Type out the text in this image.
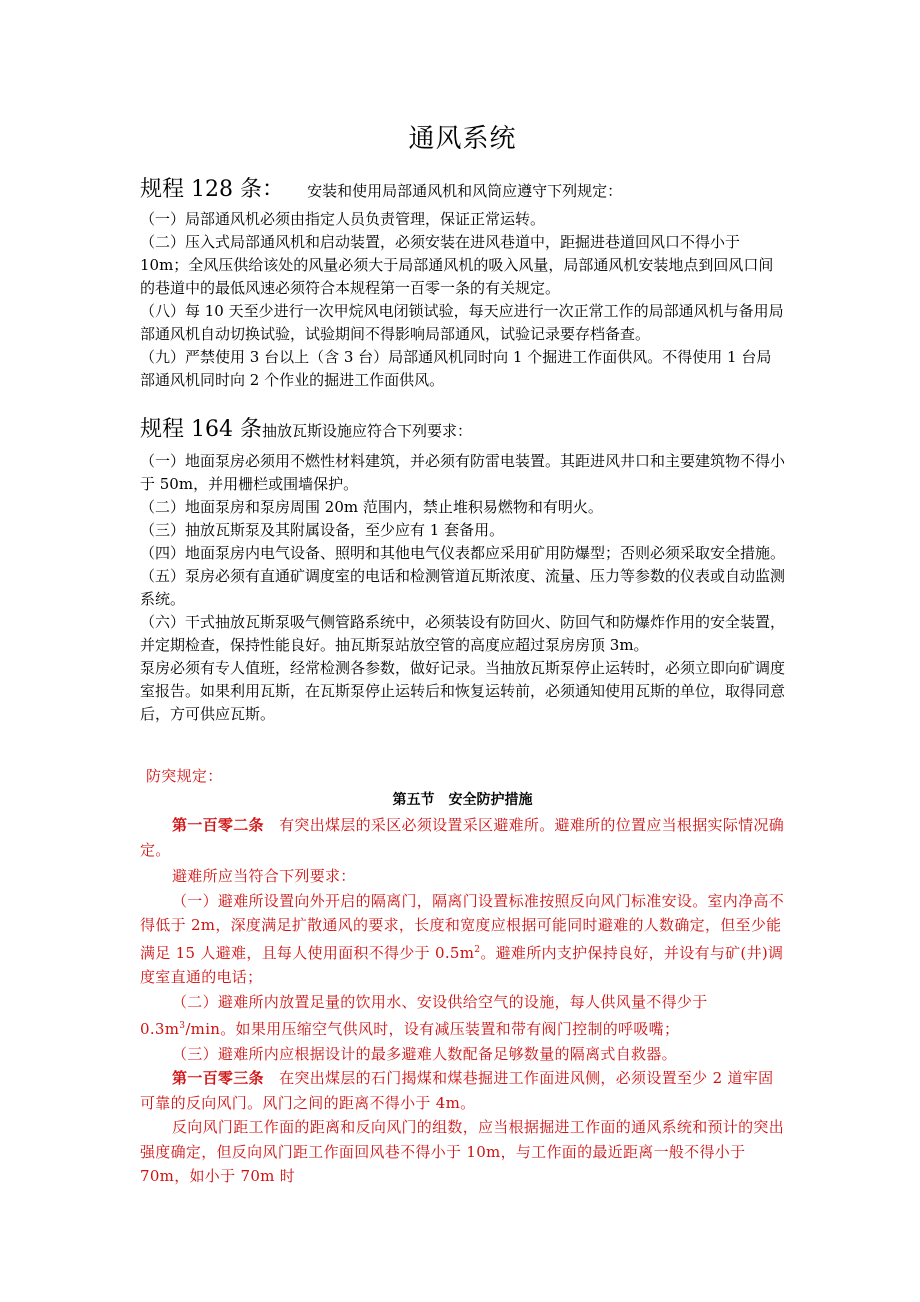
通风系统
规程 128 条： 安装和使用局部通风机和风筒应遵守下列规定：

（一）局部通风机必须由指定人员负责管理，保证正常运转。

（二）压入式局部通风机和启动装置，必须安装在进风巷道中，距掘进巷道回风口不得小于 10m；全风压供给该处的风量必须大于局部通风机的吸入风量，局部通风机安装地点到回风口间的巷道中的最低风速必须符合本规程第一百零一条的有关规定。

（八）每 10 天至少进行一次甲烷风电闭锁试验，每天应进行一次正常工作的局部通风机与备用局部通风机自动切换试验，试验期间不得影响局部通风，试验记录要存档备查。

（九）严禁使用 3 台以上（含 3 台）局部通风机同时向 1 个掘进工作面供风。不得使用 1 台局部通风机同时向 2 个作业的掘进工作面供风。

规程 164 条抽放瓦斯设施应符合下列要求：

（一）地面泵房必须用不燃性材料建筑，并必须有防雷电装置。其距进风井口和主要建筑物不得小于 50m，并用栅栏或围墙保护。

（二）地面泵房和泵房周围 20m 范围内，禁止堆积易燃物和有明火。

（三）抽放瓦斯泵及其附属设备，至少应有 1 套备用。

（四）地面泵房内电气设备、照明和其他电气仪表都应采用矿用防爆型；否则必须采取安全措施。

（五）泵房必须有直通矿调度室的电话和检测管道瓦斯浓度、流量、压力等参数的仪表或自动监测系统。

（六）干式抽放瓦斯泵吸气侧管路系统中，必须装设有防回火、防回气和防爆炸作用的安全装置，并定期检查，保持性能良好。抽瓦斯泵站放空管的高度应超过泵房房顶 3m。

泵房必须有专人值班，经常检测各参数，做好记录。当抽放瓦斯泵停止运转时，必须立即向矿调度室报告。如果利用瓦斯，在瓦斯泵停止运转后和恢复运转前，必须通知使用瓦斯的单位，取得同意后，方可供应瓦斯。

防突规定：

第五节　安全防护措施

第一百零二条　 有突出煤层的采区必须设置采区避难所。避难所的位置应当根据实际情况确定。

避难所应当符合下列要求：

（一）避难所设置向外开启的隔离门，隔离门设置标准按照反向风门标准安设。室内净高不得低于 2m，深度满足扩散通风的要求，长度和宽度应根据可能同时避难的人数确定，但至少能满足 15 人避难，且每人使用面积不得少于 $0.5m^2$。避难所内支护保持良好，并设有与矿(井)调度室直通的电话；

（二）避难所内放置足量的饮用水、安设供给空气的设施，每人供风量不得少于 $0.3m^3/\min$。如果用压缩空气供风时，设有减压装置和带有阀门控制的呼吸嘴；

（三）避难所内应根据设计的最多避难人数配备足够数量的隔离式自救器。

第一百零三条　 在突出煤层的石门揭煤和煤巷掘进工作面进风侧，必须设置至少 2 道牢固可靠的反向风门。风门之间的距离不得小于 4m。

反向风门距工作面的距离和反向风门的组数，应当根据掘进工作面的通风系统和预计的突出强度确定，但反向风门距工作面回风巷不得小于 10m，与工作面的最近距离一般不得小于 70m，如小于 70m 时
